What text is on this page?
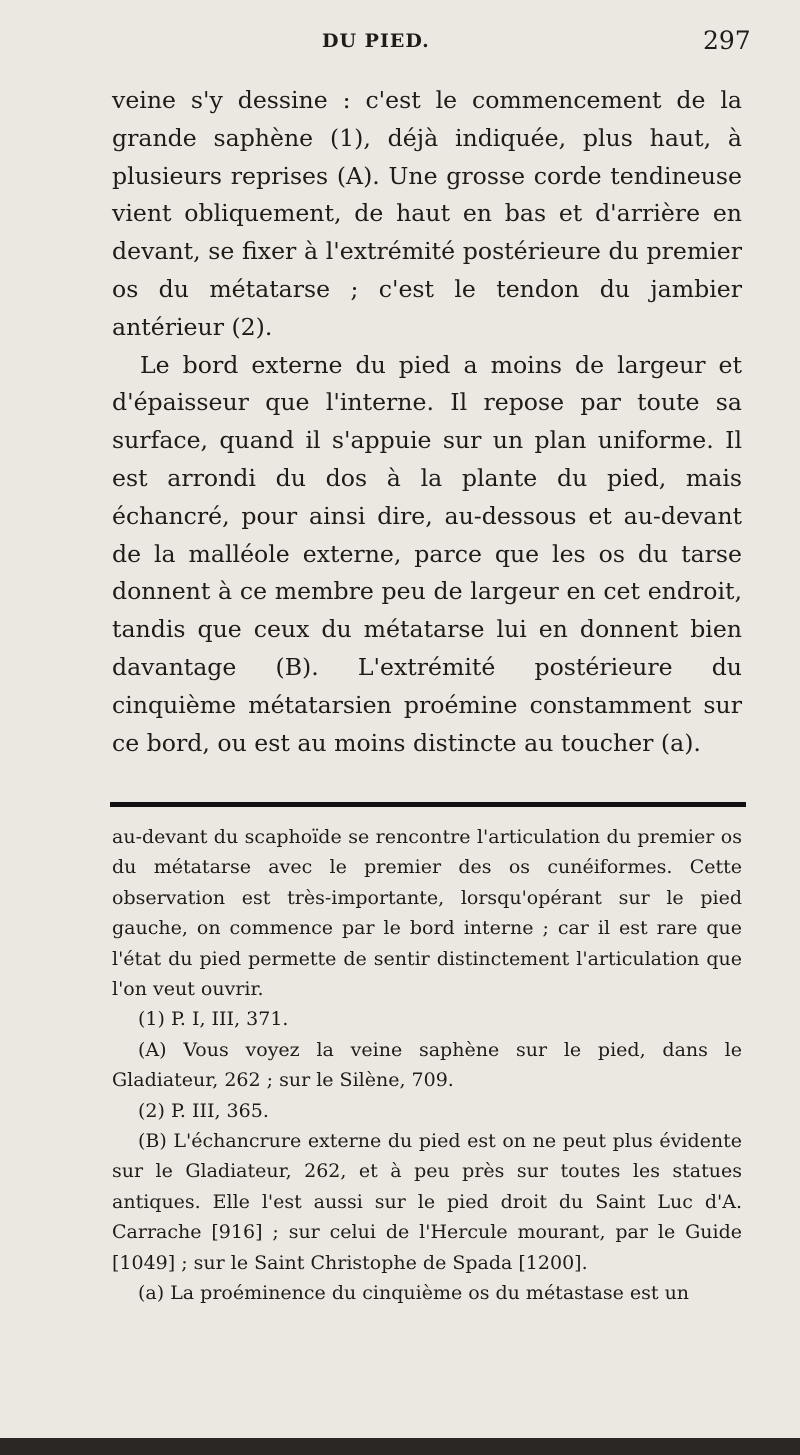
DU PIED.	297

veine s'y dessine : c'est le commencement de la grande saphène (1), déjà indiquée, plus haut, à plusieurs reprises (A). Une grosse corde tendineuse vient obliquement, de haut en bas et d'arrière en devant, se fixer à l'extrémité postérieure du premier os du métatarse ; c'est le tendon du jambier antérieur (2).

Le bord externe du pied a moins de largeur et d'épaisseur que l'interne. Il repose par toute sa surface, quand il s'appuie sur un plan uniforme. Il est arrondi du dos à la plante du pied, mais échancré, pour ainsi dire, au-dessous et au-devant de la malléole externe, parce que les os du tarse donnent à ce membre peu de largeur en cet endroit, tandis que ceux du métatarse lui en donnent bien davantage (B). L'extrémité postérieure du cinquième métatarsien proémine constamment sur ce bord, ou est au moins distincte au toucher (a).

au-devant du scaphoïde se rencontre l'articulation du premier os du métatarse avec le premier des os cunéiformes. Cette observation est très-importante, lorsqu'opérant sur le pied gauche, on commence par le bord interne ; car il est rare que l'état du pied permette de sentir distinctement l'articulation que l'on veut ouvrir.

(1) P. I, III, 371.

(A) Vous voyez la veine saphène sur le pied, dans le Gladiateur, 262 ; sur le Silène, 709.

(2) P. III, 365.

(B) L'échancrure externe du pied est on ne peut plus évidente sur le Gladiateur, 262, et à peu près sur toutes les statues antiques. Elle l'est aussi sur le pied droit du Saint Luc d'A. Carrache [916] ; sur celui de l'Hercule mourant, par le Guide [1049] ; sur le Saint Christophe de Spada [1200].

(a) La proéminence du cinquième os du métastase est un
